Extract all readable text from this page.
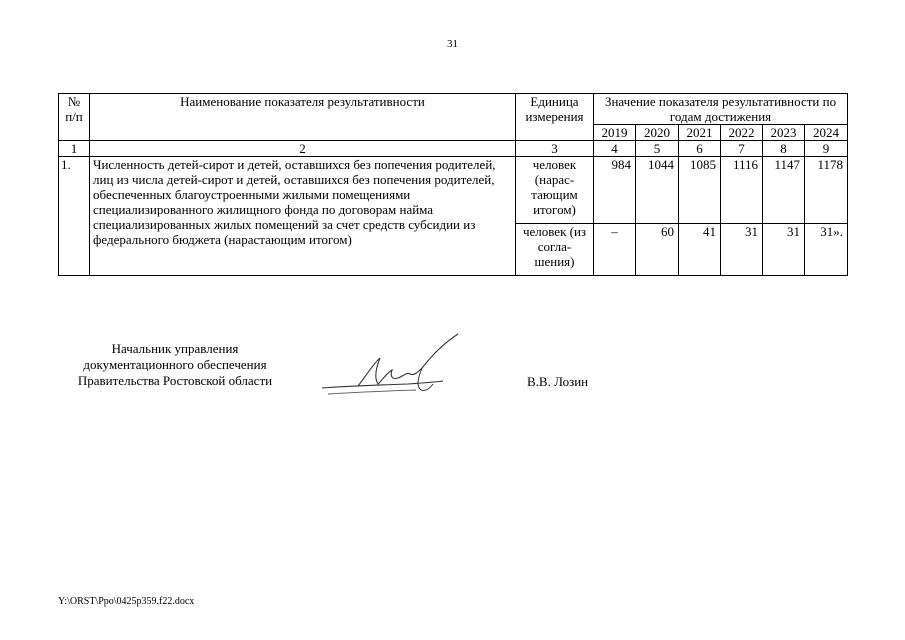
31
№ п/п	Наименование показателя результативности	Единица измерения	Значение показателя результативности по годам достижения					
			2019	2020	2021	2022	2023	2024
1	2	3	4	5	6	7	8	9
1.	Численность детей-сирот и детей, оставшихся без попечения родителей, лиц из числа детей-сирот и детей, оставшихся без попечения родителей, обеспеченных благоустроенными жилыми помещениями специализированного жилищного фонда по договорам найма специализированных жилых помещений за счет средств субсидии из федерального бюджета (нарастающим итогом)	человек (нарас-тающим итогом)	984	1044	1085	1116	1147	1178
		человек (из согла-шения)	–	60	41	31	31	31».
Начальник управления документационного обеспечения Правительства Ростовской области	В.В. Лозин
Y:\ORST\Ppo\0425p359.f22.docx
